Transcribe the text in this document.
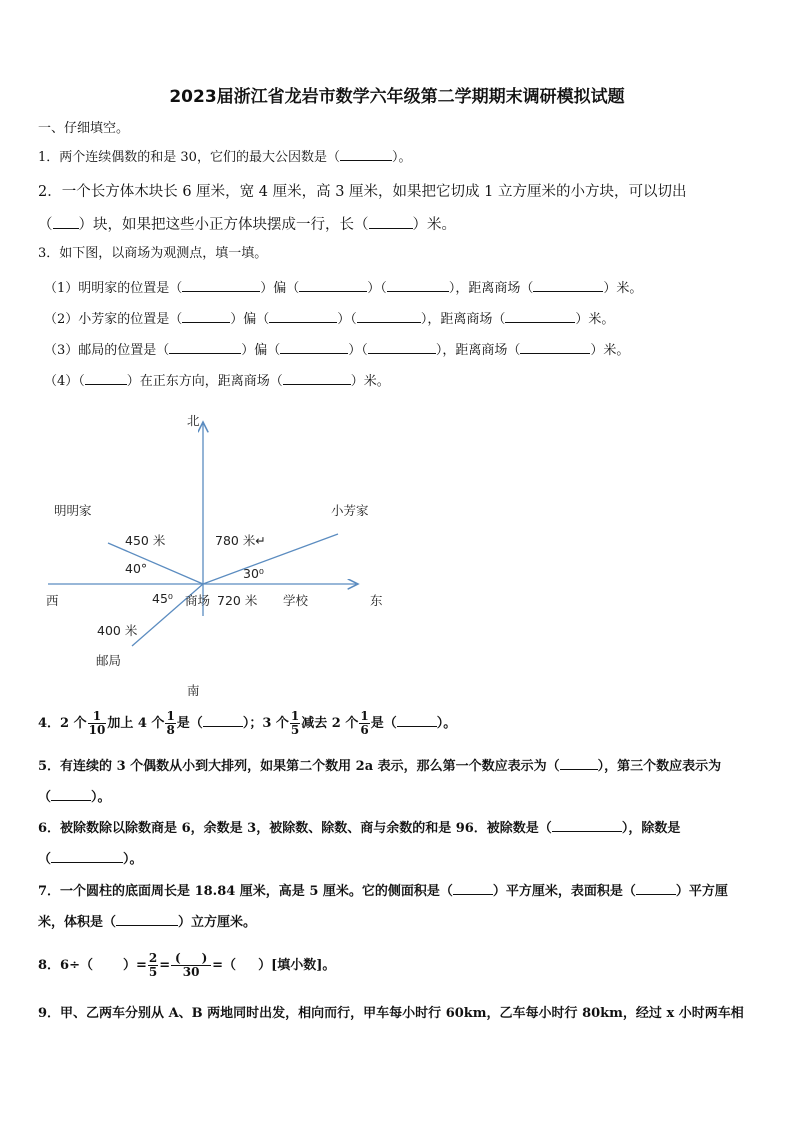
2023届浙江省龙岩市数学六年级第二学期期末调研模拟试题
一、仔细填空。
1．两个连续偶数的和是 30，它们的最大公因数是（	）。
2．一个长方体木块长 6 厘米，宽 4 厘米，高 3 厘米，如果把它切成 1 立方厘米的小方块，可以切出
（ ）块，如果把这些小正方体块摆成一行，长（	）米。
3．如下图，以商场为观测点，填一填。
（1）明明家的位置是（	）偏（	）（	），距离商场（	）米。
（2）小芳家的位置是（	）偏（	）（	），距离商场（	）米。
（3）邮局的位置是（	）偏（	）（	），距离商场（	）米。
（4）（	）在正东方向，距离商场（	）米。
北
明明家	小芳家
450 米	780 米↵
40°	30⁰
西	45⁰ 商场 720 米 学校	东
400 米
邮局
南
4．2 个 $\frac{1}{10}$ 加上 4 个 $\frac{1}{8}$ 是（	）；3 个 $\frac{1}{5}$ 减去 2 个 $\frac{1}{6}$ 是（	）。
5．有连续的 3 个偶数从小到大排列，如果第二个数用 2a 表示，那么第一个数应表示为（	），第三个数应表示为
（	）。
6．被除数除以除数商是 6，余数是 3，被除数、除数、商与余数的和是 96．被除数是（	），除数是
（	）。
7．一个圆柱的底面周长是 18.84 厘米，高是 5 厘米。它的侧面积是（	）平方厘米，表面积是（	）平方厘
米，体积是（	）立方厘米。
8．6÷（ ）= $\frac{2}{5} = \frac{( )}{30}$ =（ ）[填小数]。
9．甲、乙两车分别从 A、B 两地同时出发，相向而行，甲车每小时行 60km，乙车每小时行 80km，经过 x 小时两车相
